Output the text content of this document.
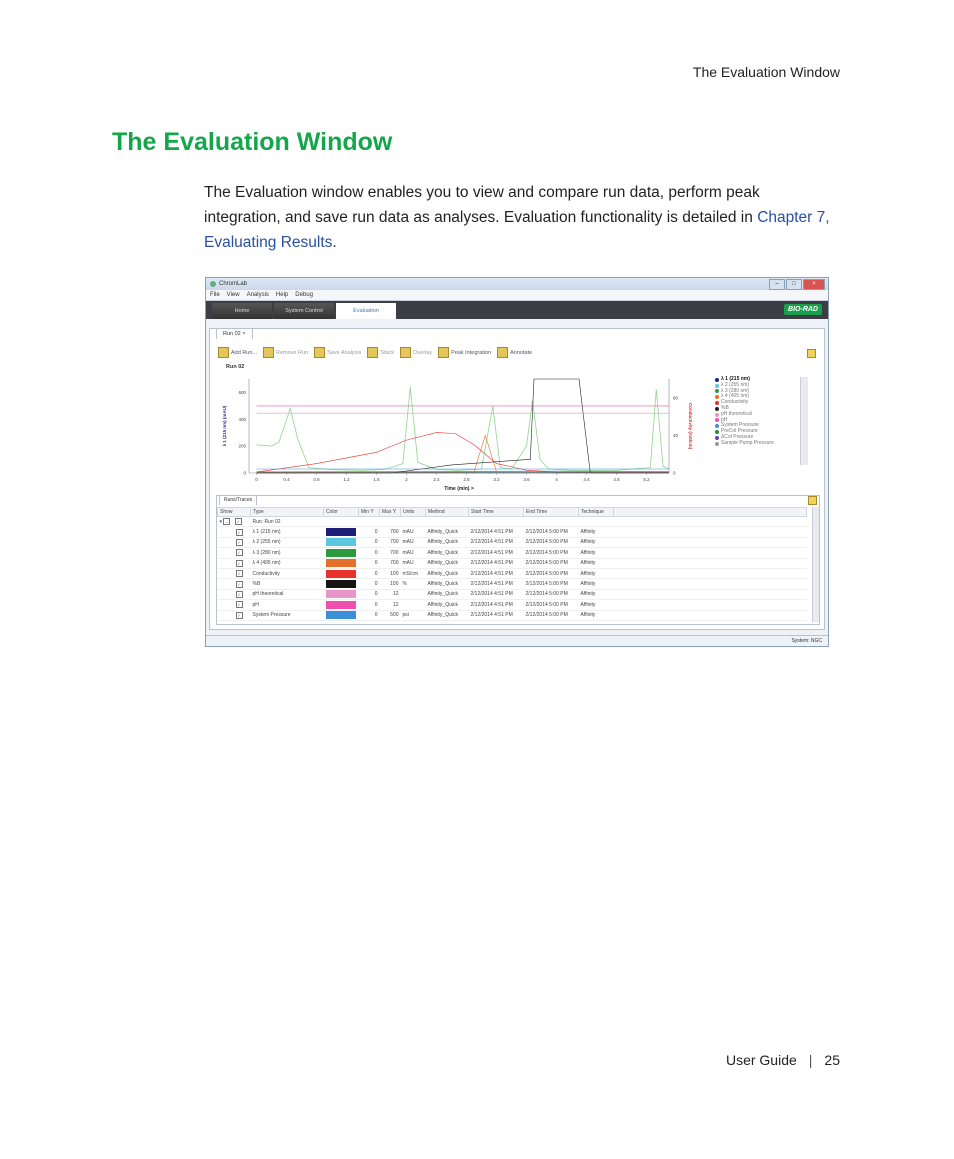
The Evaluation Window
The Evaluation Window

The Evaluation window enables you to view and compare run data, perform peak integration, and save run data as analyses. Evaluation functionality is detailed in Chapter 7, Evaluating Results.

ChromLab	–	□	×
File View Analysis Help Debug
Home	System Control	Evaluation	BIO-RAD
Run 02 ×
Add Run...	Remove Run	Save Analysis	Stack	Overlay	Peak Integration	Annotate
Run 02
0	0.4	0.8	1.2	1.6	2	2.4	2.8	3.2	3.6	4	4.4	4.8	5.2
0
200
400
600
0
40
80
Time (min) >
λ 1 (215 nm) (mAU)	Conductivity (mS/cm)
λ 1 (215 nm)
λ 2 (255 nm)
λ 3 (280 nm)
λ 4 (405 nm)
Conductivity
%B
pH theoretical
pH
System Pressure
PreCol Pressure
ΔCol Pressure
Sample Pump Pressure
Runs/Traces
Show	Type	Color	Min Y	Max Y	Units	Method	Start Time	End Time	Technique	
▾ – ✓	Run: Run 02									
✓	λ 1 (215 nm)		0	700	mAU	Affinity_Quick	2/12/2014 4:51 PM	2/12/2014 5:00 PM	Affinity	
✓	λ 2 (255 nm)		0	700	mAU	Affinity_Quick	2/12/2014 4:51 PM	2/12/2014 5:00 PM	Affinity	
✓	λ 3 (280 nm)		0	700	mAU	Affinity_Quick	2/12/2014 4:51 PM	2/12/2014 5:00 PM	Affinity	
✓	λ 4 (495 nm)		0	700	mAU	Affinity_Quick	2/12/2014 4:51 PM	2/12/2014 5:00 PM	Affinity	
✓	Conductivity		0	100	mS/cm	Affinity_Quick	2/12/2014 4:51 PM	2/12/2014 5:00 PM	Affinity	
✓	%B		0	100	%	Affinity_Quick	2/12/2014 4:51 PM	2/12/2014 5:00 PM	Affinity	
✓	pH theoretical		0	12		Affinity_Quick	2/12/2014 4:51 PM	2/12/2014 5:00 PM	Affinity	
✓	pH		0	12		Affinity_Quick	2/12/2014 4:51 PM	2/12/2014 5:00 PM	Affinity	
✓	System Pressure		0	500	psi	Affinity_Quick	2/12/2014 4:51 PM	2/12/2014 5:00 PM	Affinity	
System: NGC
User Guide | 25
